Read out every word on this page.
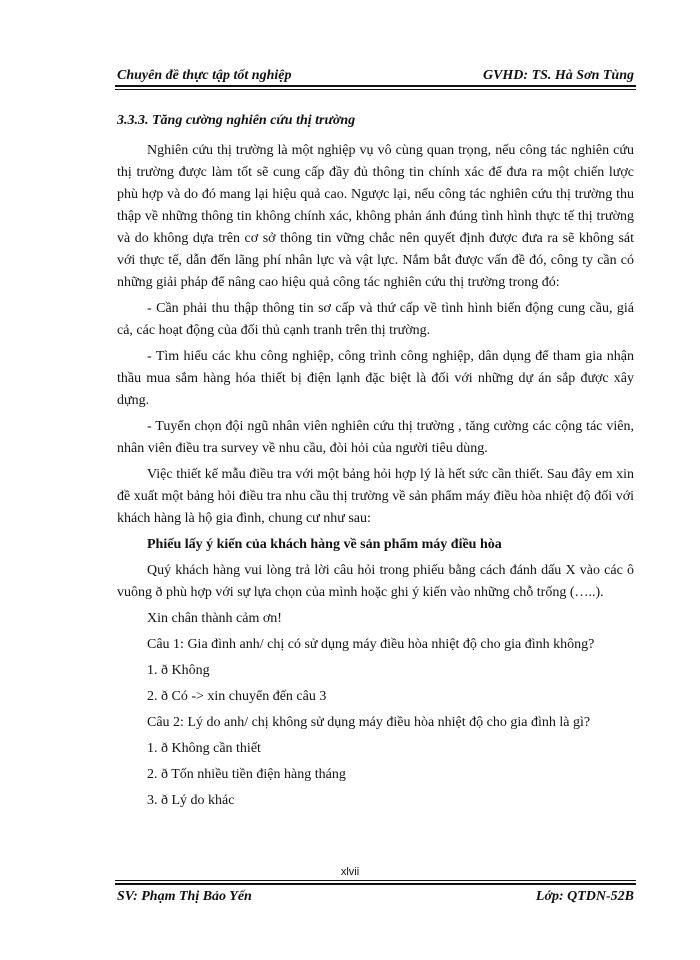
Chuyên đề thực tập tốt nghiệp	GVHD: TS. Hà Sơn Tùng

3.3.3. Tăng cường nghiên cứu thị trường

Nghiên cứu thị trường là một nghiệp vụ vô cùng quan trọng, nếu công tác nghiên cứu thị trường được làm tốt sẽ cung cấp đầy đủ thông tin chính xác để đưa ra một chiến lược phù hợp và do đó mang lại hiệu quả cao. Ngược lại, nếu công tác nghiên cứu thị trường thu thập về những thông tin không chính xác, không phản ánh đúng tình hình thực tế thị trường và do không dựa trên cơ sở thông tin vững chắc nên quyết định được đưa ra sẽ không sát với thực tế, dẫn đến lãng phí nhân lực và vật lực. Nắm bắt được vấn đề đó, công ty cần có những giải pháp để nâng cao hiệu quả công tác nghiên cứu thị trường trong đó:

- Cần phải thu thập thông tin sơ cấp và thứ cấp về tình hình biến động cung cầu, giá cả, các hoạt động của đối thủ cạnh tranh trên thị trường.

- Tìm hiểu các khu công nghiệp, công trình công nghiệp, dân dụng để tham gia nhận thầu mua sắm hàng hóa thiết bị điện lạnh đặc biệt là đối với những dự án sắp được xây dựng.

- Tuyển chọn đội ngũ nhân viên nghiên cứu thị trường , tăng cường các cộng tác viên, nhân viên điều tra survey về nhu cầu, đòi hỏi của người tiêu dùng.

Việc thiết kế mẫu điều tra với một bảng hỏi hợp lý là hết sức cần thiết. Sau đây em xin đề xuất một bảng hỏi điều tra nhu cầu thị trường về sản phẩm máy điều hòa nhiệt độ đối với khách hàng là hộ gia đình, chung cư như sau:

Phiếu lấy ý kiến của khách hàng về sản phẩm máy điều hòa

Quý khách hàng vui lòng trả lời câu hỏi trong phiếu bằng cách đánh dấu X vào các ô vuông ð phù hợp với sự lựa chọn của mình hoặc ghi ý kiến vào những chỗ trống (…..).

Xin chân thành cảm ơn!

Câu 1: Gia đình anh/ chị có sử dụng máy điều hòa nhiệt độ cho gia đình không?

1. ð Không

2. ð Có -> xin chuyển đến câu 3

Câu 2: Lý do anh/ chị không sử dụng máy điều hòa nhiệt độ cho gia đình là gì?

1. ð Không cần thiết

2. ð Tốn nhiều tiền điện hàng tháng

3. ð Lý do khác

xlvii
SV: Phạm Thị Bảo Yến	Lớp: QTDN-52B
